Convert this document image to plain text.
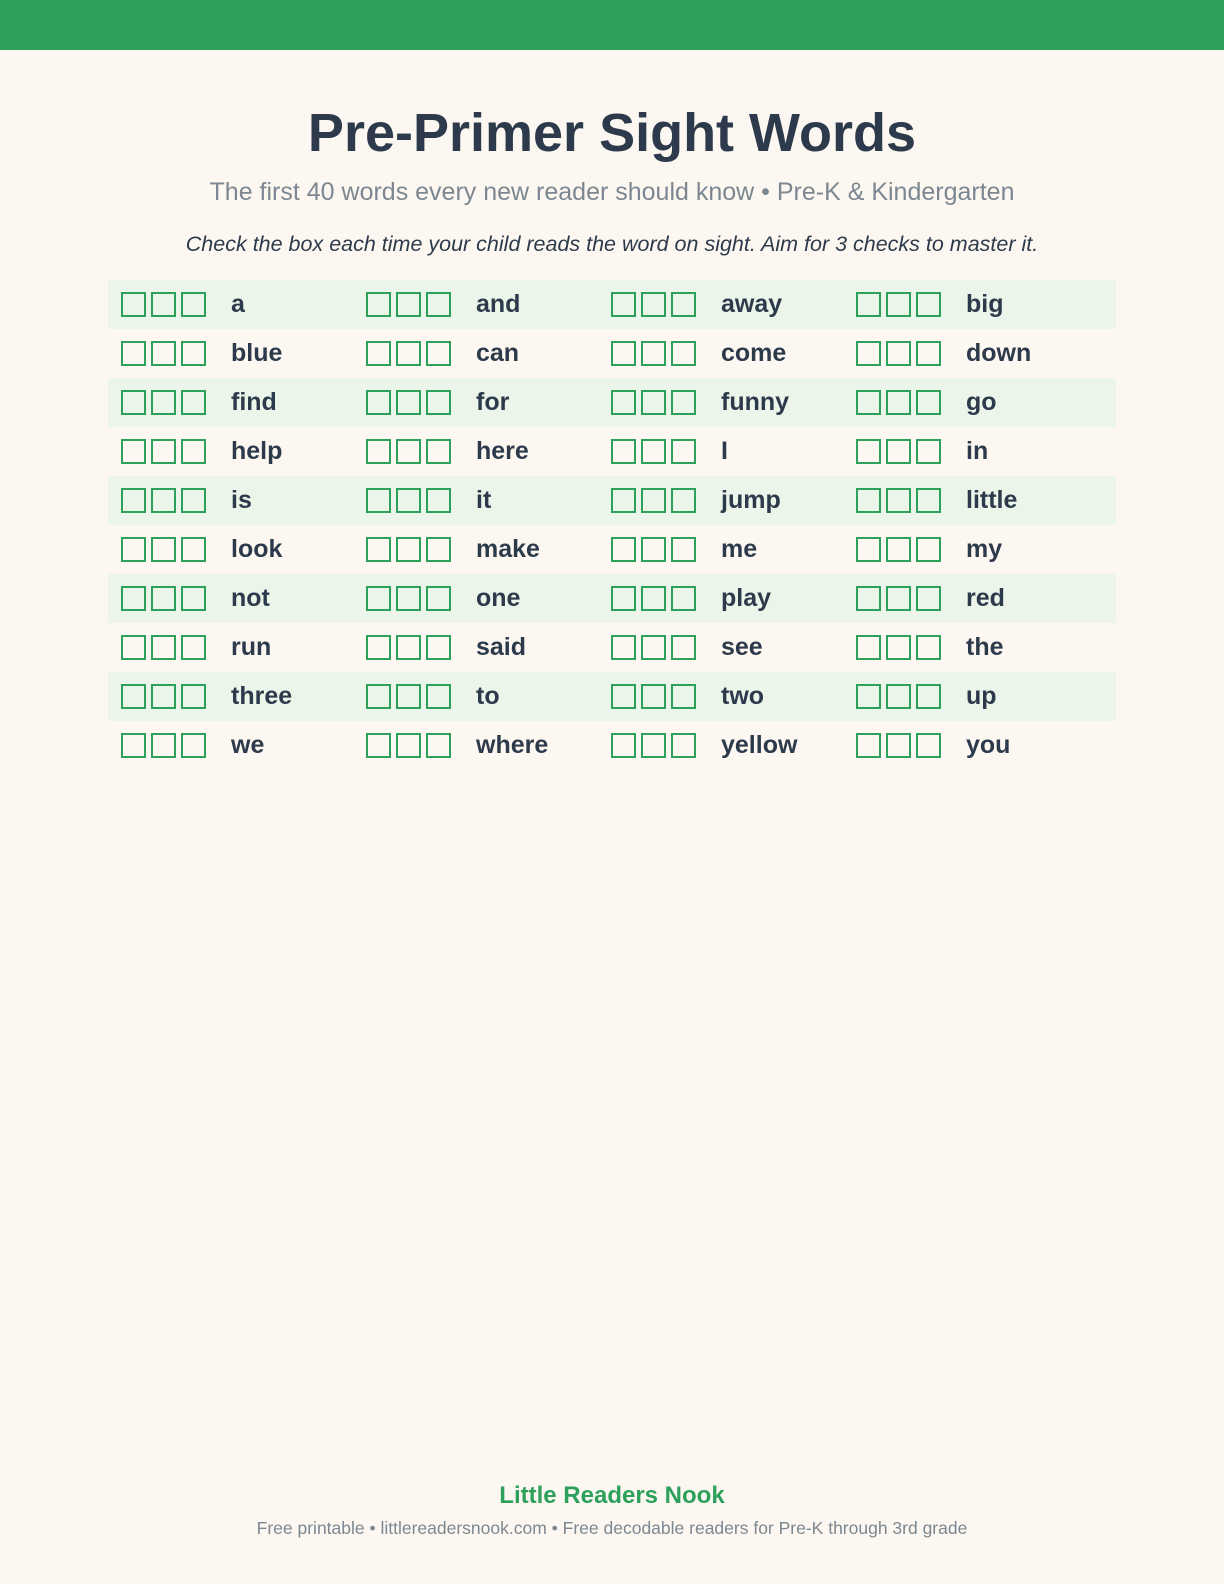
Pre-Primer Sight Words
The first 40 words every new reader should know • Pre-K & Kindergarten
Check the box each time your child reads the word on sight. Aim for 3 checks to master it.
a	and	away	big
blue	can	come	down
find	for	funny	go
help	here	I	in
is	it	jump	little
look	make	me	my
not	one	play	red
run	said	see	the
three	to	two	up
we	where	yellow	you
Little Readers Nook
Free printable • littlereadersnook.com • Free decodable readers for Pre-K through 3rd grade
